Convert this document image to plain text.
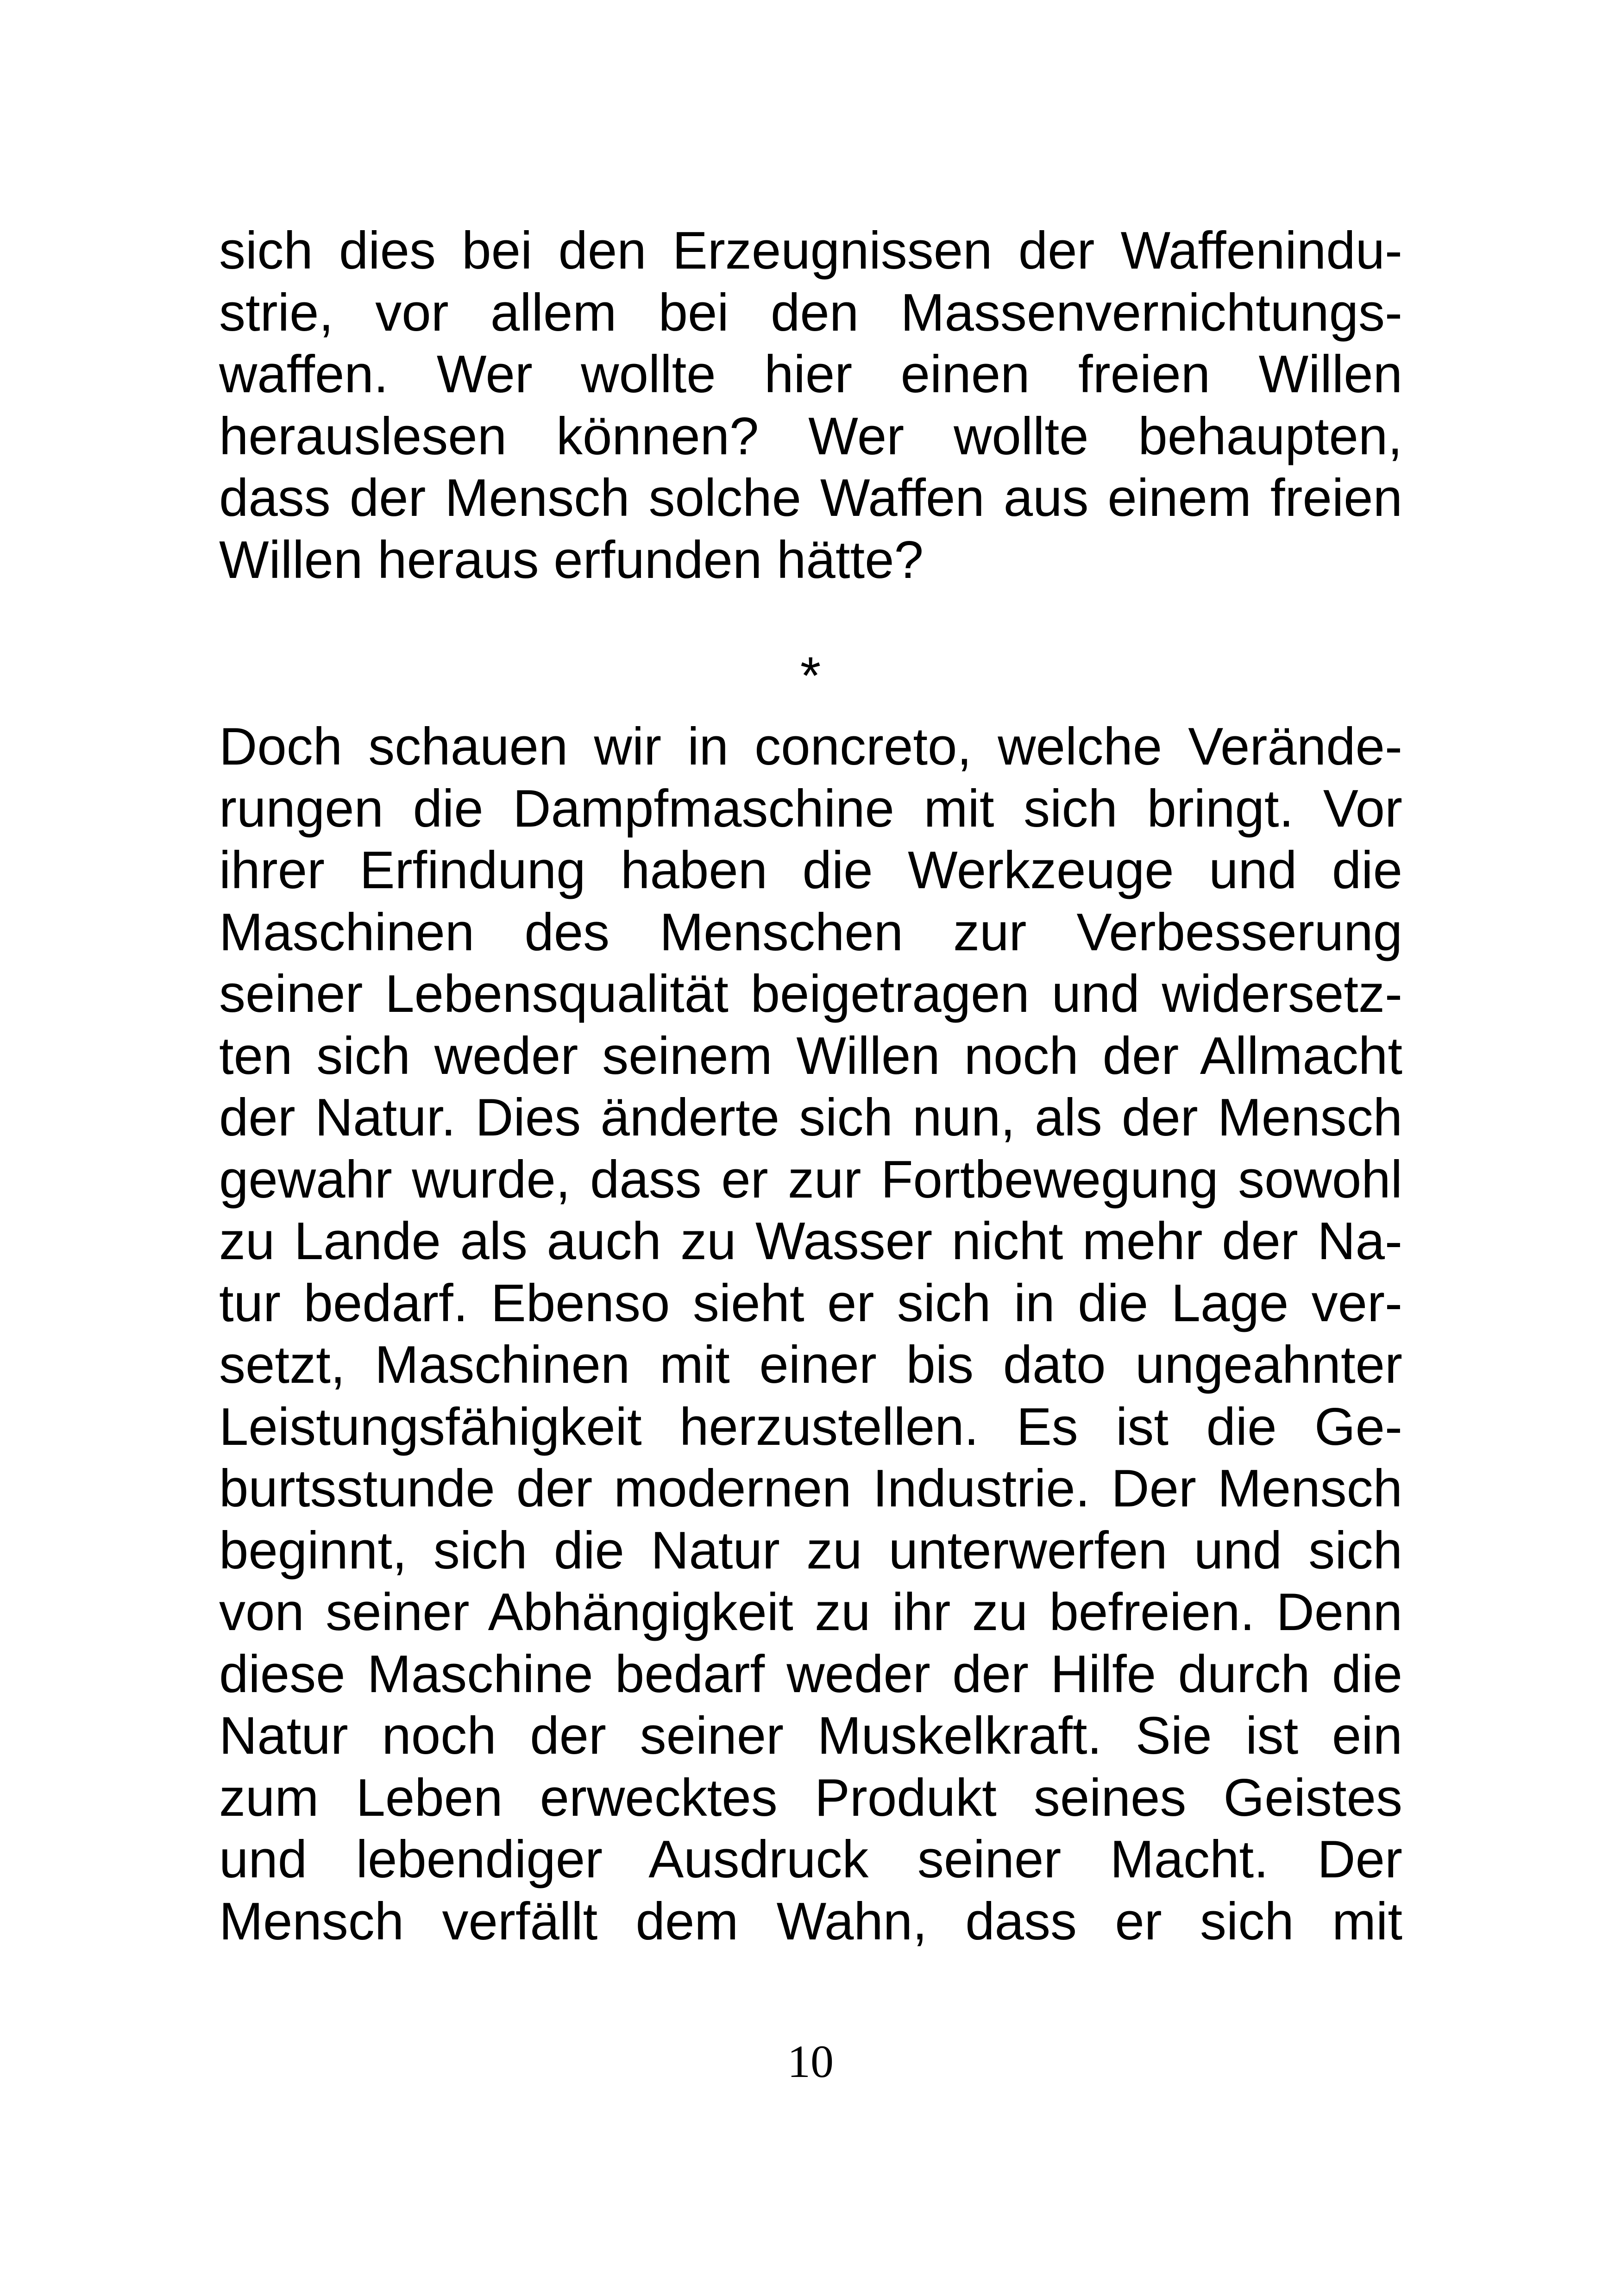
sich dies bei den Erzeugnissen der Waffenindu-
strie, vor allem bei den Massenvernichtungs-
waffen. Wer wollte hier einen freien Willen
herauslesen können? Wer wollte behaupten,
dass der Mensch solche Waffen aus einem freien
Willen heraus erfunden hätte?
*
Doch schauen wir in concreto, welche Verände-
rungen die Dampfmaschine mit sich bringt. Vor
ihrer Erfindung haben die Werkzeuge und die
Maschinen des Menschen zur Verbesserung
seiner Lebensqualität beigetragen und widersetz-
ten sich weder seinem Willen noch der Allmacht
der Natur. Dies änderte sich nun, als der Mensch
gewahr wurde, dass er zur Fortbewegung sowohl
zu Lande als auch zu Wasser nicht mehr der Na-
tur bedarf. Ebenso sieht er sich in die Lage ver-
setzt, Maschinen mit einer bis dato ungeahnter
Leistungsfähigkeit herzustellen. Es ist die Ge-
burtsstunde der modernen Industrie. Der Mensch
beginnt, sich die Natur zu unterwerfen und sich
von seiner Abhängigkeit zu ihr zu befreien. Denn
diese Maschine bedarf weder der Hilfe durch die
Natur noch der seiner Muskelkraft. Sie ist ein
zum Leben erwecktes Produkt seines Geistes
und lebendiger Ausdruck seiner Macht. Der
Mensch verfällt dem Wahn, dass er sich mit
10
